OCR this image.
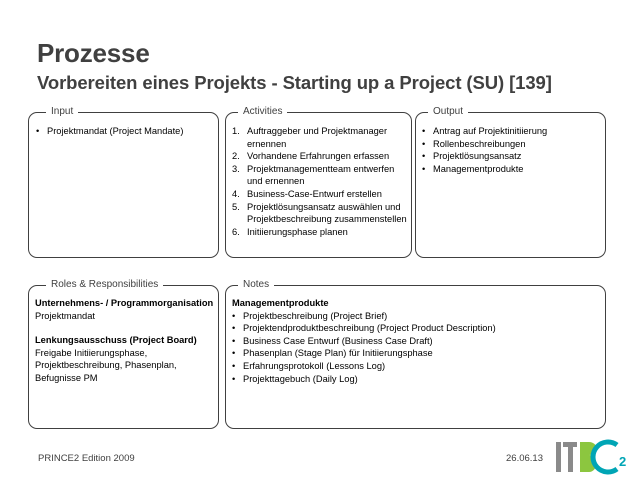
Prozesse
Vorbereiten eines Projekts - Starting up a Project (SU) [139]
Input
• Projektmandat (Project Mandate)
Activities
1. Auftraggeber und Projektmanager ernennen
2. Vorhandene Erfahrungen erfassen
3. Projektmanagementteam entwerfen und ernennen
4. Business-Case-Entwurf erstellen
5. Projektlösungsansatz auswählen und Projektbeschreibung zusammenstellen
6. Initiierungsphase planen
Output
• Antrag auf Projektinitiierung
• Rollenbeschreibungen
• Projektlösungsansatz
• Managementprodukte
Roles & Responsibilities
Unternehmens- / Programmorganisation
Projektmandat
Lenkungsausschuss (Project Board)
Freigabe Initiierungsphase, Projektbeschreibung, Phasenplan, Befugnisse PM
Notes
Managementprodukte
• Projektbeschreibung (Project Brief)
• Projektendproduktbeschreibung (Project Product Description)
• Business Case Entwurf (Business Case Draft)
• Phasenplan (Stage Plan) für Initiierungsphase
• Erfahrungsprotokoll (Lessons Log)
• Projekttagebuch (Daily Log)
PRINCE2 Edition 2009	26.06.13	2
